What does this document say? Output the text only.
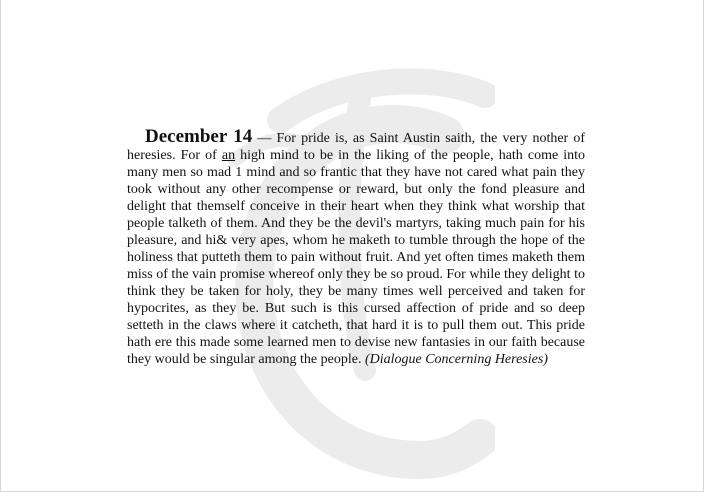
December 14 — For pride is, as Saint Austin saith, the very nother of heresies. For of an high mind to be in the liking of the people, hath come into many men so mad 1 mind and so frantic that they have not cared what pain they took without any other recompense or reward, but only the fond pleasure and delight that themself conceive in their heart when they think what worship that people talketh of them. And they be the devil's martyrs, taking much pain for his pleasure, and hi& very apes, whom he maketh to tumble through the hope of the holiness that putteth them to pain without fruit. And yet often times maketh them miss of the vain promise whereof only they be so proud. For while they delight to think they be taken for holy, they be many times well perceived and taken for hypocrites, as they be. But such is this cursed affection of pride and so deep setteth in the claws where it catcheth, that hard it is to pull them out. This pride hath ere this made some learned men to devise new fantasies in our faith because they would be singular among the people. (Dialogue Concerning Heresies)
